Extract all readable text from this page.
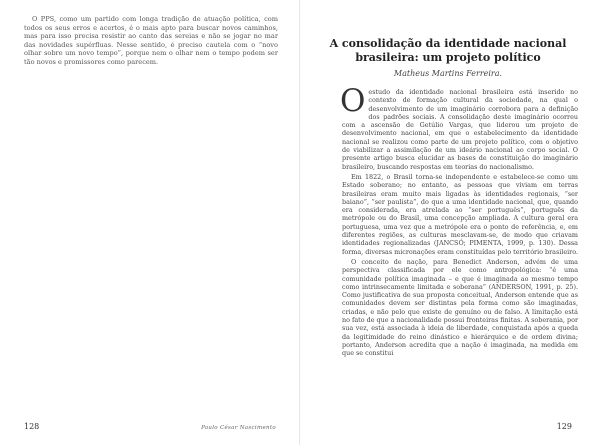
O PPS, como um partido com longa tradição de atuação política, com todos os seus erros e acertos, é o mais apto para buscar novos caminhos, mas para isso precisa resistir ao canto das sereias e não se jogar no mar das novidades supérfluas. Nesse sentido, é preciso cautela com o “novo olhar sobre um novo tempo”, porque nem o olhar nem o tempo podem ser tão novos e promissores como parecem.

128	Paulo César Nascimento
A consolidação da identidade nacional brasileira: um projeto político

Matheus Martins Ferreira.

Oestudo da identidade nacional brasileira está inserido no contexto de formação cultural da sociedade, na qual o desenvolvimento de um imaginário corrobora para a definição dos padrões sociais. A consolidação deste imaginário ocorreu com a ascensão de Getúlio Vargas, que liderou um projeto de desenvolvimento nacional, em que o estabelecimento da identidade nacional se realizou como parte de um projeto político, com o objetivo de viabilizar a assimilação de um ideário nacional ao corpo social. O presente artigo busca elucidar as bases de constituição do imaginário brasileiro, buscando respostas em teorias do nacionalismo.

Em 1822, o Brasil torna-se independente e estabelece-se como um Estado soberano; no entanto, as pessoas que viviam em terras brasileiras eram muito mais ligadas às identidades regionais, “ser baiano”, “ser paulista”, do que a uma identidade nacional, que, quando era considerada, era atrelada ao “ser português”, portuguës da metrópole ou do Brasil, uma concepção ampliada. A cultura geral era portuguesa, uma vez que a metrópole era o ponto de referência, e, em diferentes regiões, as culturas mesclavam-se, de modo que criavam identidades regionalizadas (JANCSÓ; PIMENTA, 1999, p. 130). Dessa forma, diversas micronações eram constituídas pelo território brasileiro.

O conceito de nação, para Benedict Anderson, advém de uma perspectiva classificada por ele como antropológica: “é uma comunidade política imaginada – e que é imaginada ao mesmo tempo como intrinsecamente limitada e soberana” (ANDERSON, 1991, p. 25). Como justificativa de sua proposta conceitual, Anderson entende que as comunidades devem ser distintas pela forma como são imaginadas, criadas, e não pelo que existe de genuíno ou de falso. A limitação está no fato de que a nacionalidade possui fronteiras finitas. A soberania, por sua vez, está associada à ideia de liberdade, conquistada após a queda da legitimidade do reino dinástico e hierárquico e de ordem divina; portanto, Anderson acredita que a nação é imaginada, na medida em que se constitui

129
